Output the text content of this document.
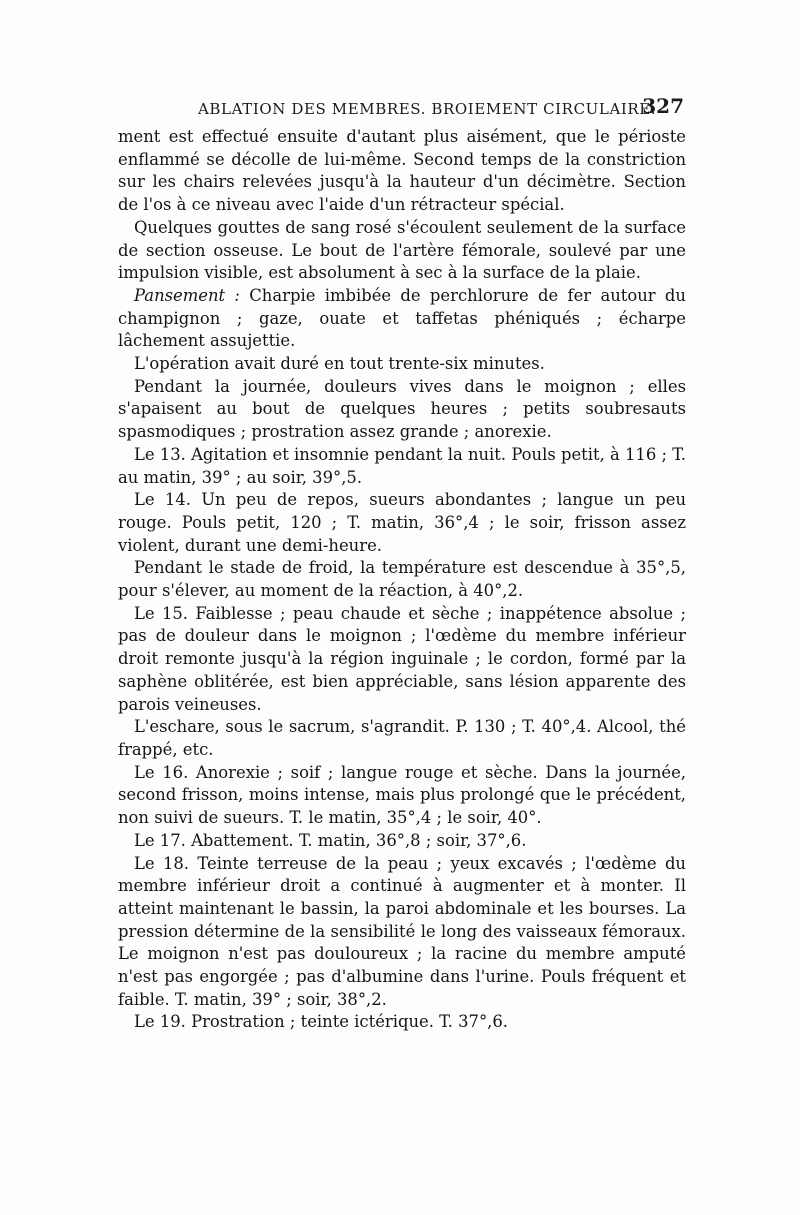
ABLATION DES MEMBRES. BROIEMENT CIRCULAIRE.
327

ment est effectué ensuite d'autant plus aisément, que le périoste enflammé se décolle de lui-même. Second temps de la constriction sur les chairs relevées jusqu'à la hauteur d'un décimètre. Section de l'os à ce niveau avec l'aide d'un rétracteur spécial.

Quelques gouttes de sang rosé s'écoulent seulement de la surface de section osseuse. Le bout de l'artère fémorale, soulevé par une impulsion visible, est absolument à sec à la surface de la plaie.

Pansement : Charpie imbibée de perchlorure de fer autour du champignon ; gaze, ouate et taffetas phéniqués ; écharpe lâchement assujettie.

L'opération avait duré en tout trente-six minutes.

Pendant la journée, douleurs vives dans le moignon ; elles s'apaisent au bout de quelques heures ; petits soubresauts spasmodiques ; prostration assez grande ; anorexie.

Le 13. Agitation et insomnie pendant la nuit. Pouls petit, à 116 ; T. au matin, 39° ; au soir, 39°,5.

Le 14. Un peu de repos, sueurs abondantes ; langue un peu rouge. Pouls petit, 120 ; T. matin, 36°,4 ; le soir, frisson assez violent, durant une demi-heure.

Pendant le stade de froid, la température est descendue à 35°,5, pour s'élever, au moment de la réaction, à 40°,2.

Le 15. Faiblesse ; peau chaude et sèche ; inappétence absolue ; pas de douleur dans le moignon ; l'œdème du membre inférieur droit remonte jusqu'à la région inguinale ; le cordon, formé par la saphène oblitérée, est bien appréciable, sans lésion apparente des parois veineuses.

L'eschare, sous le sacrum, s'agrandit. P. 130 ; T. 40°,4. Alcool, thé frappé, etc.

Le 16. Anorexie ; soif ; langue rouge et sèche. Dans la journée, second frisson, moins intense, mais plus prolongé que le précédent, non suivi de sueurs. T. le matin, 35°,4 ; le soir, 40°.

Le 17. Abattement. T. matin, 36°,8 ; soir, 37°,6.

Le 18. Teinte terreuse de la peau ; yeux excavés ; l'œdème du membre inférieur droit a continué à augmenter et à monter. Il atteint maintenant le bassin, la paroi abdominale et les bourses. La pression détermine de la sensibilité le long des vaisseaux fémoraux. Le moignon n'est pas douloureux ; la racine du membre amputé n'est pas engorgée ; pas d'albumine dans l'urine. Pouls fréquent et faible. T. matin, 39° ; soir, 38°,2.

Le 19. Prostration ; teinte ictérique. T. 37°,6.
